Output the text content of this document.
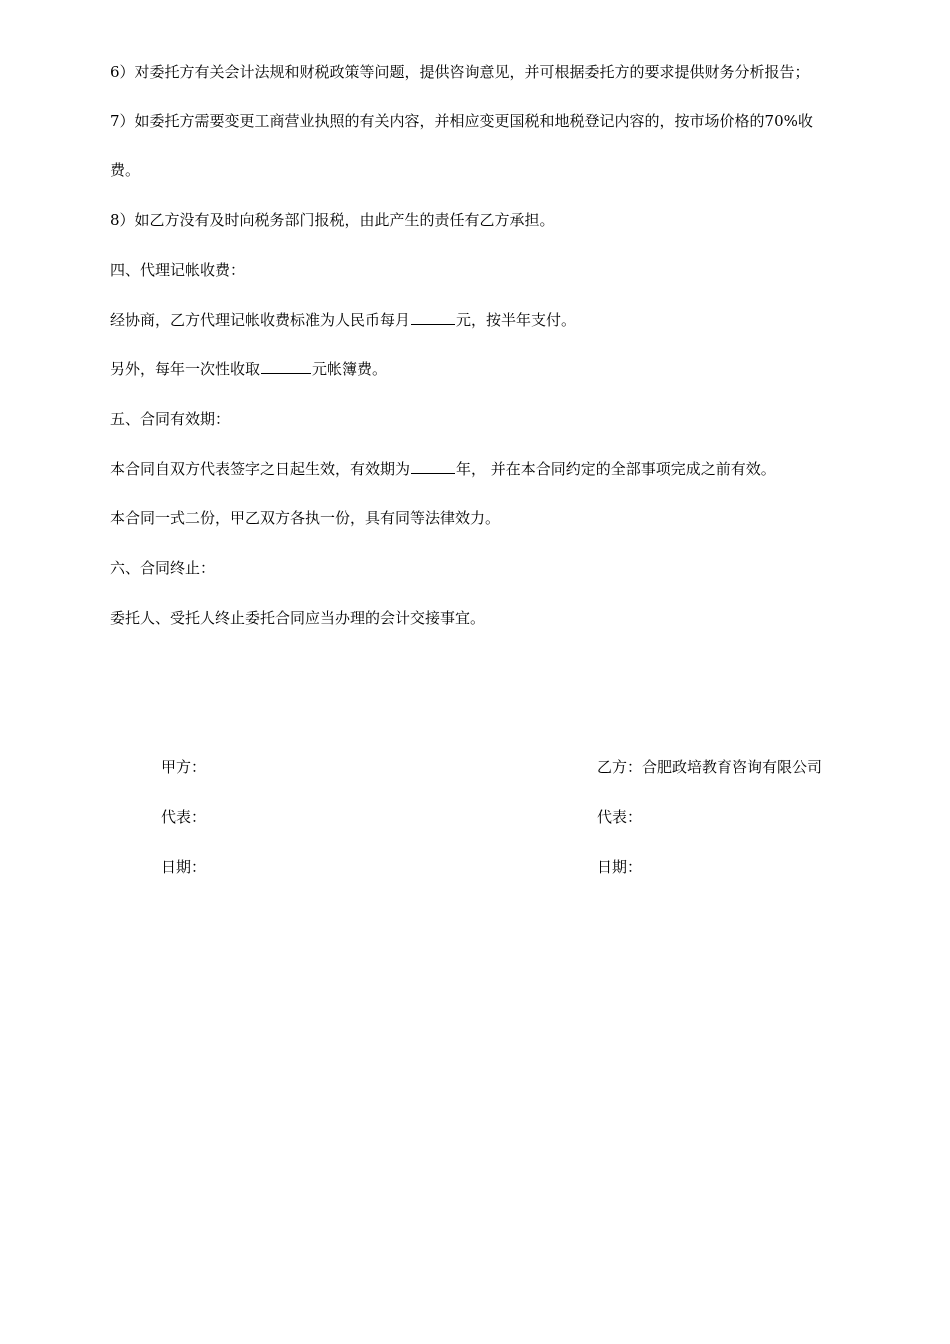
6）对委托方有关会计法规和财税政策等问题，提供咨询意见，并可根据委托方的要求提供财务分析报告；
7）如委托方需要变更工商营业执照的有关内容，并相应变更国税和地税登记内容的，按市场价格的70%收
费。
8）如乙方没有及时向税务部门报税，由此产生的责任有乙方承担。
四、代理记帐收费：
经协商，乙方代理记帐收费标准为人民币每月	元，按半年支付。
另外，每年一次性收取	元帐簿费。
五、合同有效期：
本合同自双方代表签字之日起生效，有效期为	年， 并在本合同约定的全部事项完成之前有效。
本合同一式二份，甲乙双方各执一份，具有同等法律效力。
六、合同终止：
委托人、受托人终止委托合同应当办理的会计交接事宜。
甲方：	乙方：合肥政培教育咨询有限公司
代表：	代表：
日期：	日期：
